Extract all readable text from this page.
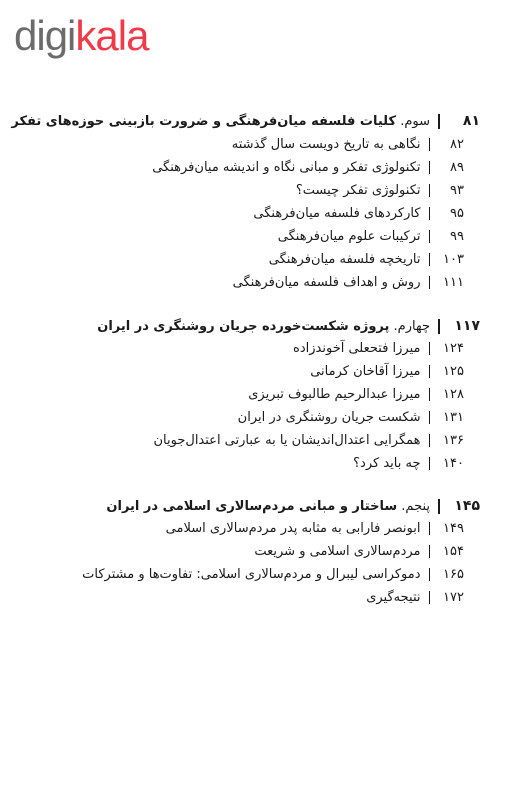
digikala
۸۱
سوم. کلیات فلسفه میان‌فرهنگی و ضرورت بازبینی حوزه‌های تفکر
۸۲
نگاهی به تاریخ دویست سال گذشته
۸۹
تکنولوژی تفکر و مبانی نگاه و اندیشه میان‌فرهنگی
۹۳
تکنولوژی تفکر چیست؟
۹۵
کارکردهای فلسفه میان‌فرهنگی
۹۹
ترکیبات علوم میان‌فرهنگی
۱۰۳
تاریخچه فلسفه میان‌فرهنگی
۱۱۱
روش و اهداف فلسفه میان‌فرهنگی
۱۱۷
چهارم. پروژه شکست‌خورده جریان روشنگری در ایران
۱۲۴
میرزا فتحعلی آخوندزاده
۱۲۵
میرزا آقاخان کرمانی
۱۲۸
میرزا عبدالرحیم طالبوف تبریزی
۱۳۱
شکست جریان روشنگری در ایران
۱۳۶
همگرایی اعتدال‌اندیشان یا به عبارتی اعتدال‌جویان
۱۴۰
چه باید کرد؟
۱۴۵
پنجم. ساختار و مبانی مردم‌سالاری اسلامی در ایران
۱۴۹
ابونصر فارابی به مثابه پدر مردم‌سالاری اسلامی
۱۵۴
مردم‌سالاری اسلامی و شریعت
۱۶۵
دموکراسی لیبرال و مردم‌سالاری اسلامی: تفاوت‌ها و مشترکات
۱۷۲
نتیجه‌گیری
